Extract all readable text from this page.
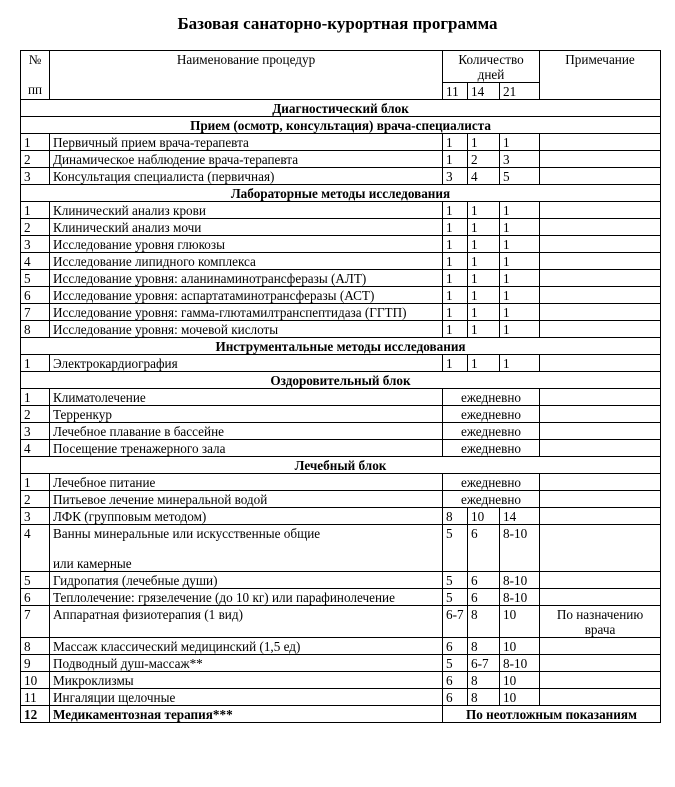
Базовая санаторно-курортная программа
№
пп	Наименование процедур	Количество дней			Примечание
		11	14	21	
Диагностический блок					
Прием (осмотр, консультация) врача-специалиста					
1	Первичный прием врача-терапевта	1	1	1	
2	Динамическое наблюдение врача-терапевта	1	2	3	
3	Консультация специалиста (первичная)	3	4	5	
Лабораторные методы исследования					
1	Клинический анализ крови	1	1	1	
2	Клинический анализ мочи	1	1	1	
3	Исследование уровня глюкозы	1	1	1	
4	Исследование липидного комплекса	1	1	1	
5	Исследование уровня: аланинаминотрансферазы (АЛТ)	1	1	1	
6	Исследование уровня: аспартатаминотрансферазы (АСТ)	1	1	1	
7	Исследование уровня: гамма-глютамилтранспептидаза (ГГТП)	1	1	1	
8	Исследование уровня: мочевой кислоты	1	1	1	
Инструментальные методы исследования					
1	Электрокардиография	1	1	1	
Оздоровительный блок					
1	Климатолечение	ежедневно			
2	Терренкур	ежедневно			
3	Лечебное плавание в бассейне	ежедневно			
4	Посещение тренажерного зала	ежедневно			
Лечебный блок					
1	Лечебное питание	ежедневно			
2	Питьевое лечение минеральной водой	ежедневно			
3	ЛФК (групповым методом)	8	10	14	
4	Ванны минеральные или искусственные общие
или камерные	5	6	8-10	
5	Гидропатия (лечебные души)	5	6	8-10	
6	Теплолечение: грязелечение (до 10 кг) или парафинолечение	5	6	8-10	
7	Аппаратная физиотерапия (1 вид)	6-7	8	10	По назначению врача
8	Массаж классический медицинский (1,5 ед)	6	8	10	
9	Подводный душ-массаж**	5	6-7	8-10	
10	Микроклизмы	6	8	10	
11	Ингаляции щелочные	6	8	10	
12	Медикаментозная терапия***	По неотложным показаниям			
